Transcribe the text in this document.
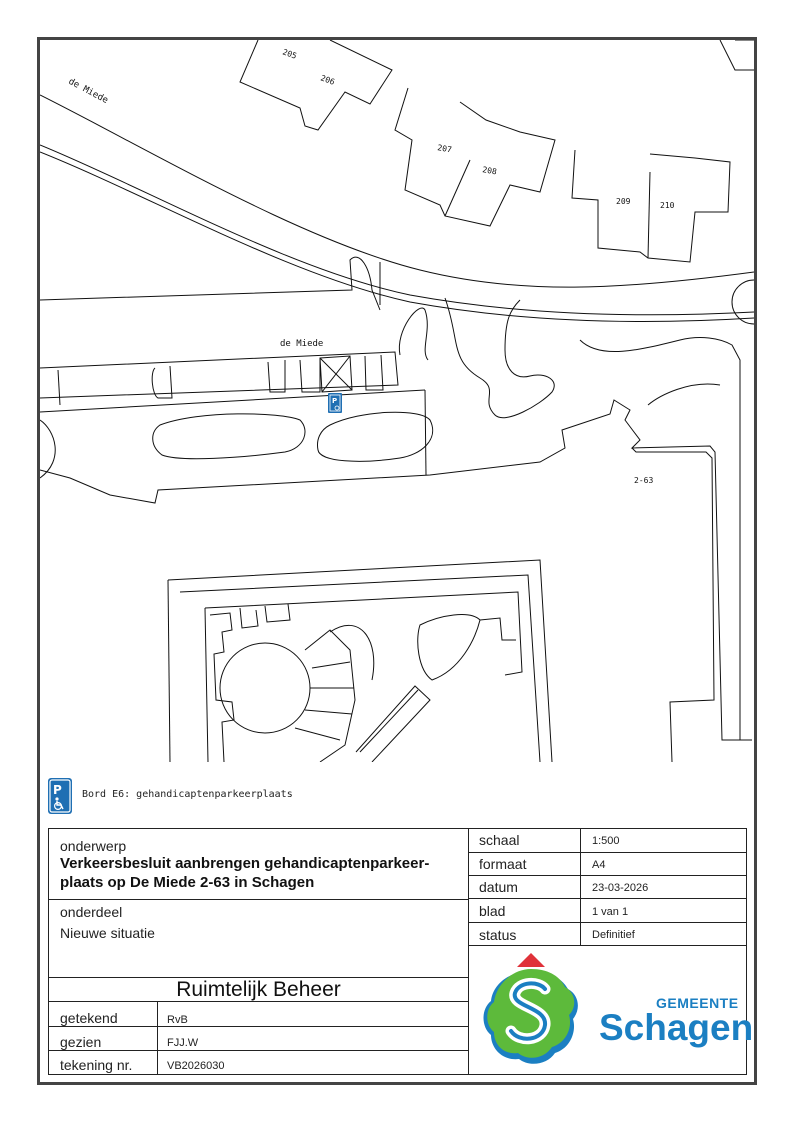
de Miede
de Miede
205
206
207
208
209	210
2-63
P
P Bord E6: gehandicaptenparkeerplaats
onderwerp
Verkeersbesluit aanbrengen gehandicaptenparkeer-
plaats op De Miede 2-63 in Schagen
onderdeel
Nieuwe situatie
Ruimtelijk Beheer
getekend	RvB
gezien	FJJ.W
tekening nr.	VB2026030
schaal	1:500
formaat	A4
datum	23-03-2026
blad	1 van 1
status	Definitief
GEMEENTE
Schagen
